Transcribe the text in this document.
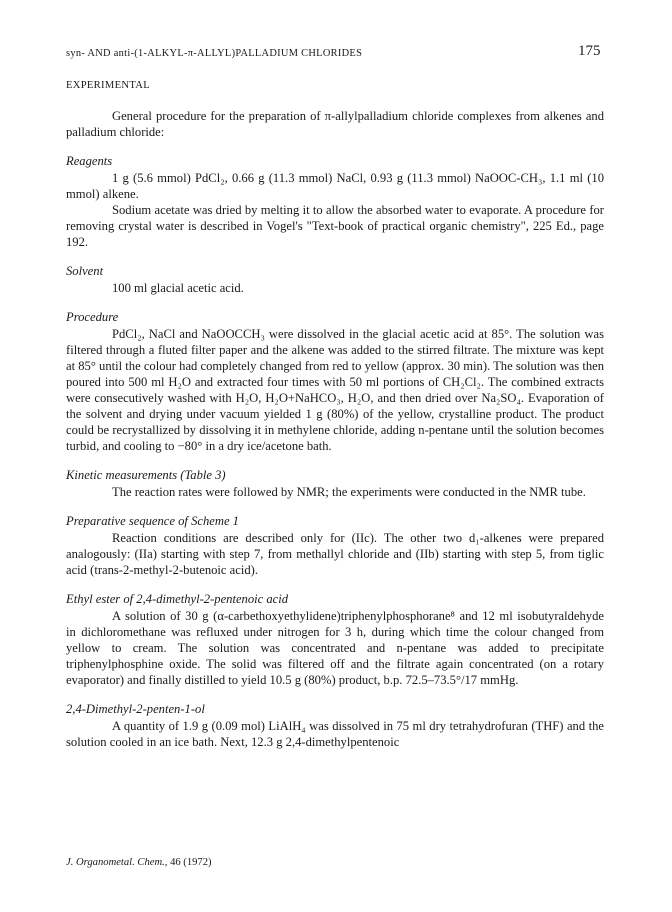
syn- AND anti-(1-ALKYL-π-ALLYL)PALLADIUM CHLORIDES	175
EXPERIMENTAL

General procedure for the preparation of π-allylpalladium chloride complexes from alkenes and palladium chloride:

Reagents

1 g (5.6 mmol) PdCl₂, 0.66 g (11.3 mmol) NaCl, 0.93 g (11.3 mmol) NaOOC-CH₃, 1.1 ml (10 mmol) alkene.

Sodium acetate was dried by melting it to allow the absorbed water to evaporate. A procedure for removing crystal water is described in Vogel's "Text-book of practical organic chemistry", 225 Ed., page 192.

Solvent

100 ml glacial acetic acid.

Procedure

PdCl₂, NaCl and NaOOCCH₃ were dissolved in the glacial acetic acid at 85°. The solution was filtered through a fluted filter paper and the alkene was added to the stirred filtrate. The mixture was kept at 85° until the colour had completely changed from red to yellow (approx. 30 min). The solution was then poured into 500 ml H₂O and extracted four times with 50 ml portions of CH₂Cl₂. The combined extracts were consecutively washed with H₂O, H₂O+NaHCO₃, H₂O, and then dried over Na₂SO₄. Evaporation of the solvent and drying under vacuum yielded 1 g (80%) of the yellow, crystalline product. The product could be recrystallized by dissolving it in methylene chloride, adding n-pentane until the solution becomes turbid, and cooling to −80° in a dry ice/acetone bath.

Kinetic measurements (Table 3)

The reaction rates were followed by NMR; the experiments were conducted in the NMR tube.

Preparative sequence of Scheme 1

Reaction conditions are described only for (IIc). The other two d₁-alkenes were prepared analogously: (IIa) starting with step 7, from methallyl chloride and (IIb) starting with step 5, from tiglic acid (trans-2-methyl-2-butenoic acid).

Ethyl ester of 2,4-dimethyl-2-pentenoic acid

A solution of 30 g (α-carbethoxyethylidene)triphenylphosphorane⁸ and 12 ml isobutyraldehyde in dichloromethane was refluxed under nitrogen for 3 h, during which time the colour changed from yellow to cream. The solution was concentrated and n-pentane was added to precipitate triphenylphosphine oxide. The solid was filtered off and the filtrate again concentrated (on a rotary evaporator) and finally distilled to yield 10.5 g (80%) product, b.p. 72.5–73.5°/17 mmHg.

2,4-Dimethyl-2-penten-1-ol

A quantity of 1.9 g (0.09 mol) LiAlH₄ was dissolved in 75 ml dry tetrahydrofuran (THF) and the solution cooled in an ice bath. Next, 12.3 g 2,4-dimethylpentenoic

J. Organometal. Chem., 46 (1972)
